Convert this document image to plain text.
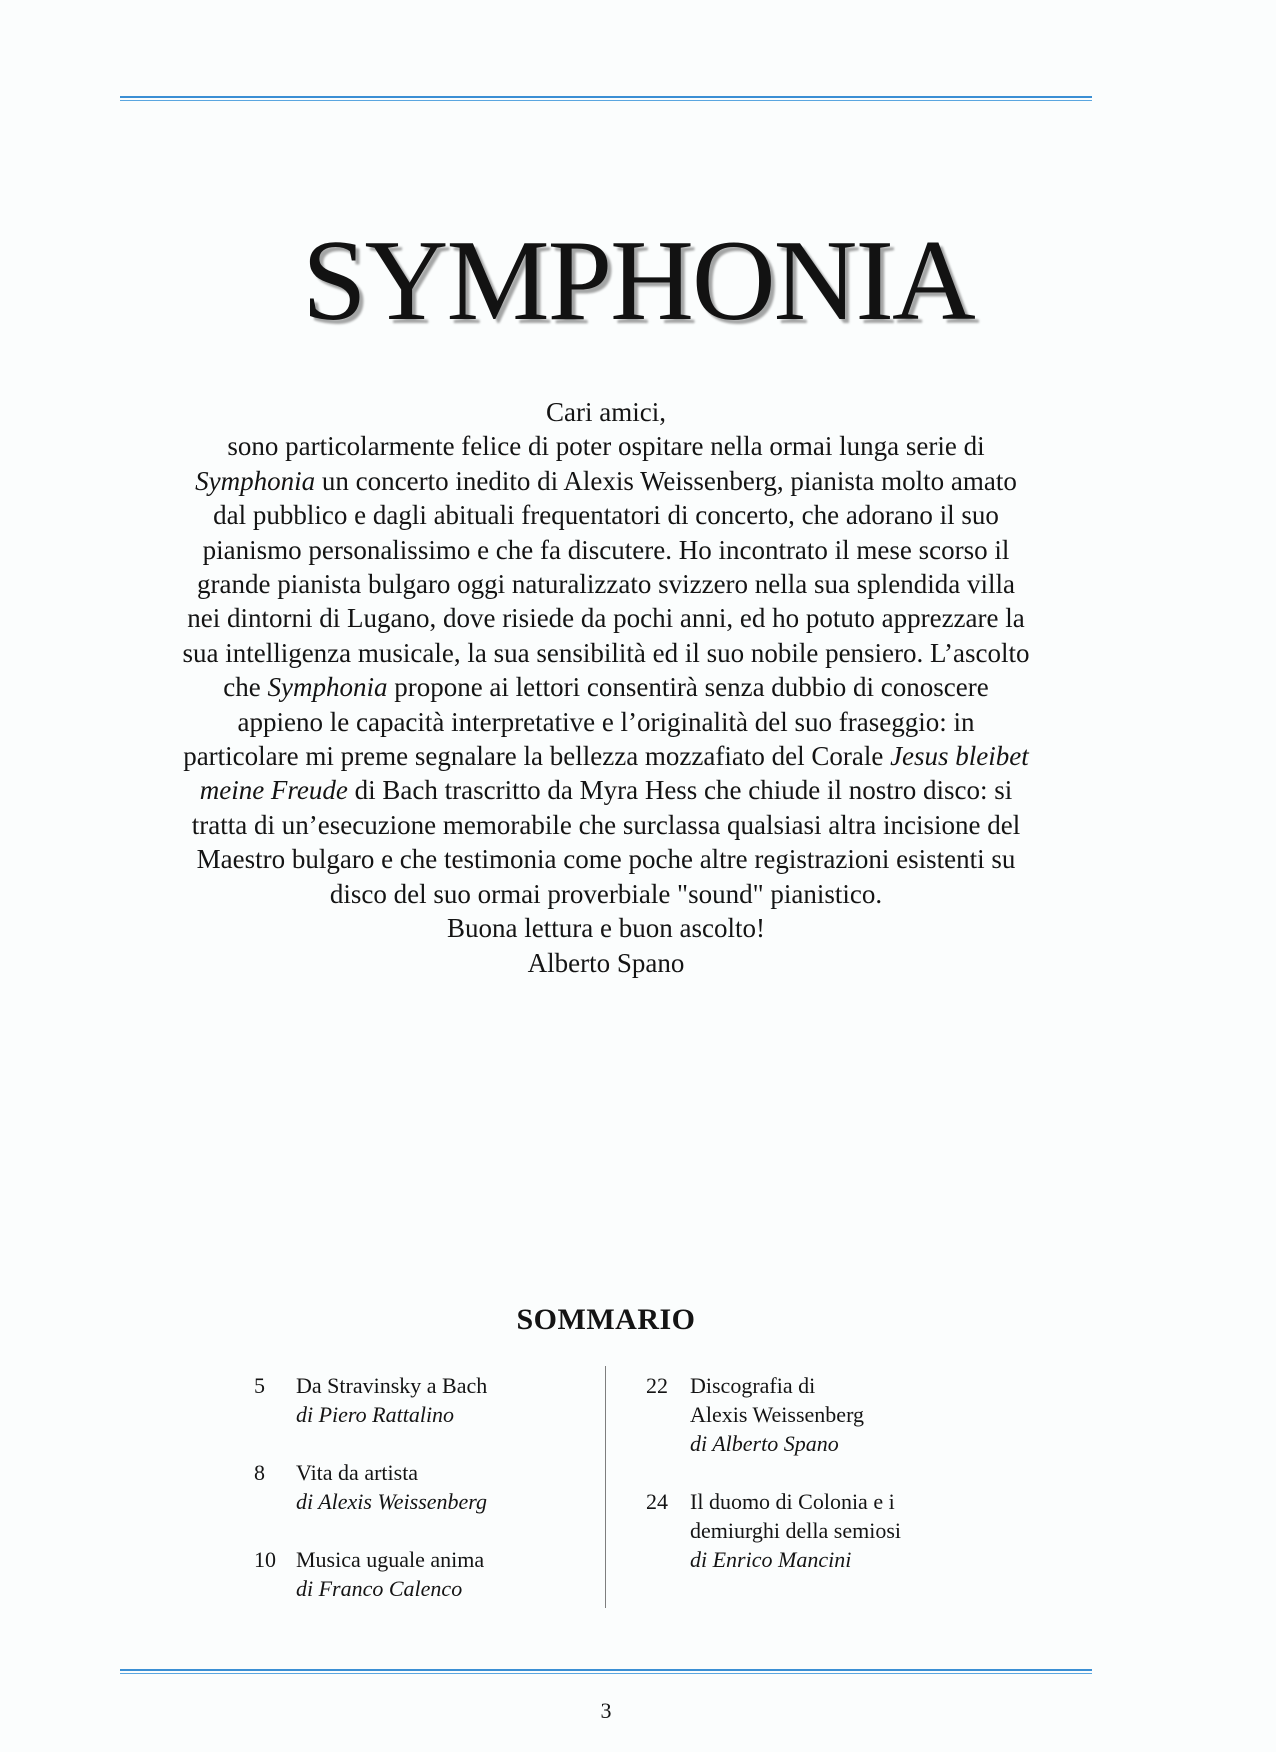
SYMPHONIA

Cari amici,

sono particolarmente felice di poter ospitare nella ormai lunga serie di

Symphonia un concerto inedito di Alexis Weissenberg, pianista molto amato

dal pubblico e dagli abituali frequentatori di concerto, che adorano il suo

pianismo personalissimo e che fa discutere. Ho incontrato il mese scorso il

grande pianista bulgaro oggi naturalizzato svizzero nella sua splendida villa

nei dintorni di Lugano, dove risiede da pochi anni, ed ho potuto apprezzare la

sua intelligenza musicale, la sua sensibilità ed il suo nobile pensiero. L’ascolto

che Symphonia propone ai lettori consentirà senza dubbio di conoscere

appieno le capacità interpretative e l’originalità del suo fraseggio: in

particolare mi preme segnalare la bellezza mozzafiato del Corale Jesus bleibet

meine Freude di Bach trascritto da Myra Hess che chiude il nostro disco: si

tratta di un’esecuzione memorabile che surclassa qualsiasi altra incisione del

Maestro bulgaro e che testimonia come poche altre registrazioni esistenti su

disco del suo ormai proverbiale "sound" pianistico.

Buona lettura e buon ascolto!

Alberto Spano

SOMMARIO
5	Da Stravinsky a Bach
di Piero Rattalino
8	Vita da artista
di Alexis Weissenberg
10 Musica uguale anima
di Franco Calenco
22	Discografia di
Alexis Weissenberg
di Alberto Spano
24	Il duomo di Colonia e i
demiurghi della semiosi
di Enrico Mancini
3
